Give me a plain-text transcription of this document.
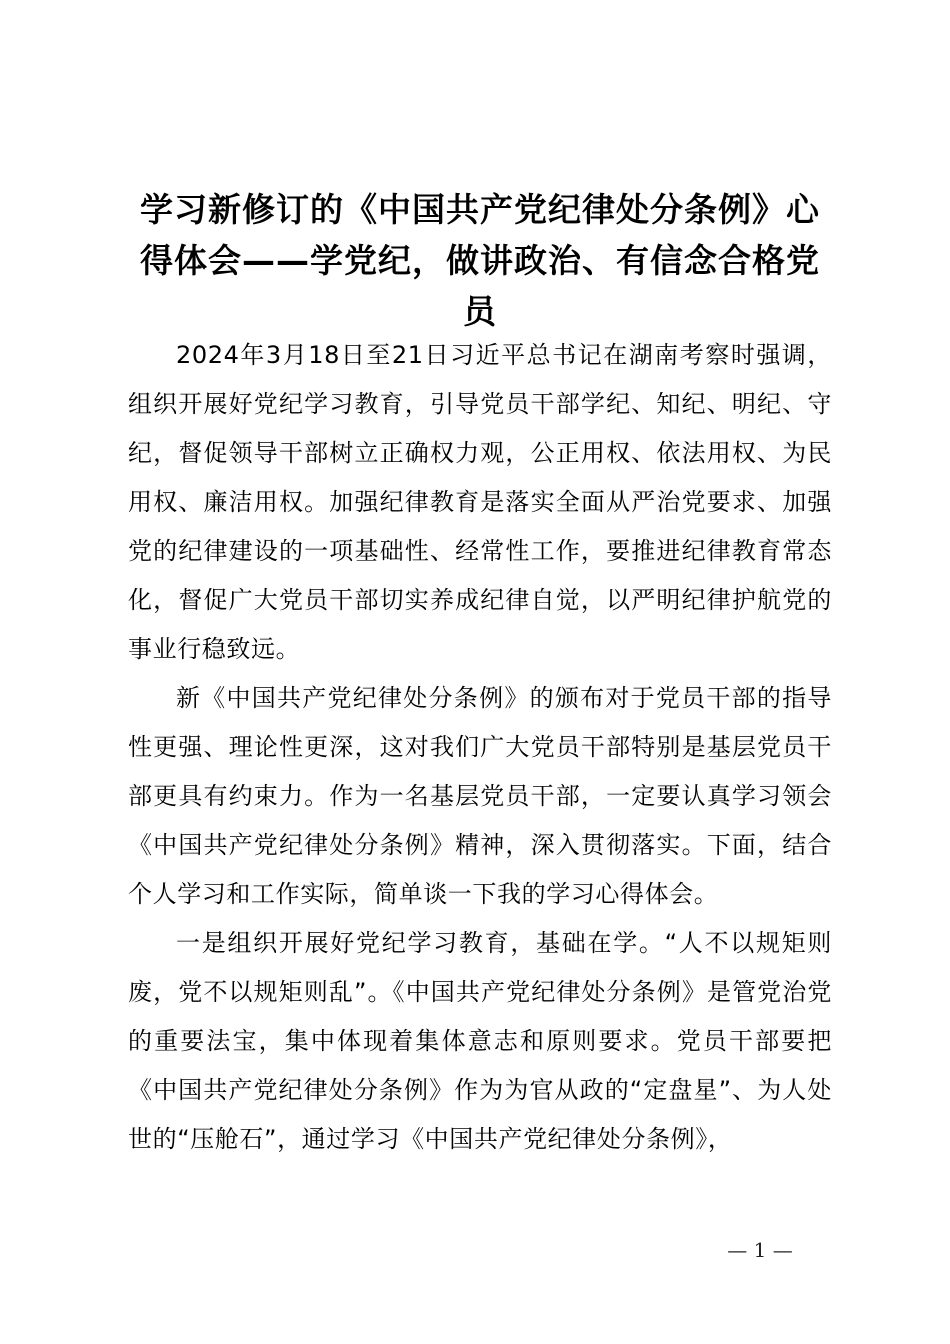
学习新修订的《中国共产党纪律处分条例》心得体会——学党纪，做讲政治、有信念合格党员

2024年3月18日至21日习近平总书记在湖南考察时强调，组织开展好党纪学习教育，引导党员干部学纪、知纪、明纪、守纪，督促领导干部树立正确权力观，公正用权、依法用权、为民用权、廉洁用权。加强纪律教育是落实全面从严治党要求、加强党的纪律建设的一项基础性、经常性工作，要推进纪律教育常态化，督促广大党员干部切实养成纪律自觉，以严明纪律护航党的事业行稳致远。

新《中国共产党纪律处分条例》的颁布对于党员干部的指导性更强、理论性更深，这对我们广大党员干部特别是基层党员干部更具有约束力。作为一名基层党员干部，一定要认真学习领会《中国共产党纪律处分条例》精神，深入贯彻落实。下面，结合个人学习和工作实际，简单谈一下我的学习心得体会。

一是组织开展好党纪学习教育，基础在学。“人不以规矩则废，党不以规矩则乱”。《中国共产党纪律处分条例》是管党治党的重要法宝，集中体现着集体意志和原则要求。党员干部要把《中国共产党纪律处分条例》作为为官从政的“定盘星”、为人处世的“压舱石”，通过学习《中国共产党纪律处分条例》，

— 1 —
